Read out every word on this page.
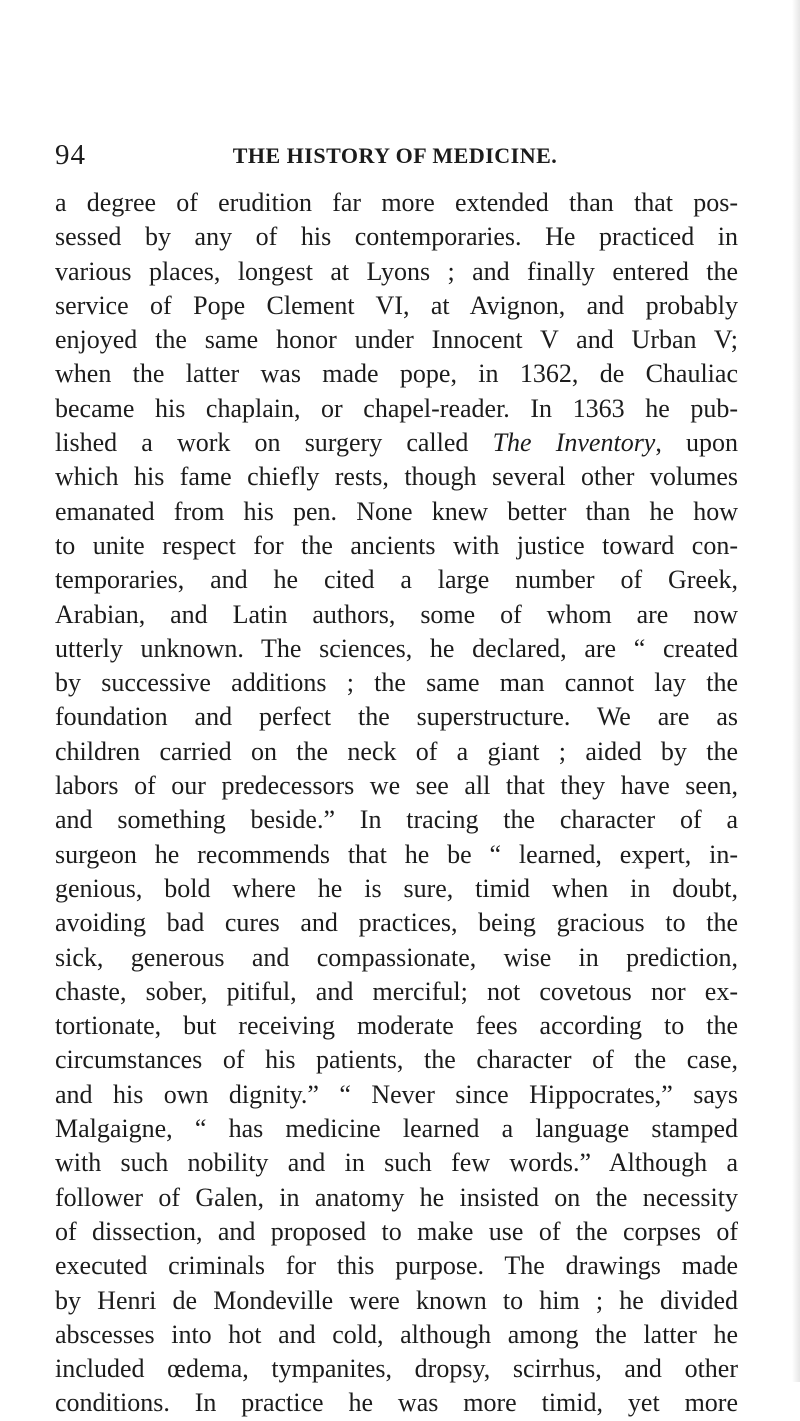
94	THE HISTORY OF MEDICINE.
a degree of erudition far more extended than that pos-
sessed by any of his contemporaries. He practiced in
various places, longest at Lyons ; and finally entered the
service of Pope Clement VI, at Avignon, and probably
enjoyed the same honor under Innocent V and Urban V;
when the latter was made pope, in 1362, de Chauliac
became his chaplain, or chapel-reader. In 1363 he pub-
lished a work on surgery called The Inventory, upon
which his fame chiefly rests, though several other volumes
emanated from his pen. None knew better than he how
to unite respect for the ancients with justice toward con-
temporaries, and he cited a large number of Greek,
Arabian, and Latin authors, some of whom are now
utterly unknown. The sciences, he declared, are “ created
by successive additions ; the same man cannot lay the
foundation and perfect the superstructure. We are as
children carried on the neck of a giant ; aided by the
labors of our predecessors we see all that they have seen,
and something beside.” In tracing the character of a
surgeon he recommends that he be “ learned, expert, in-
genious, bold where he is sure, timid when in doubt,
avoiding bad cures and practices, being gracious to the
sick, generous and compassionate, wise in prediction,
chaste, sober, pitiful, and merciful; not covetous nor ex-
tortionate, but receiving moderate fees according to the
circumstances of his patients, the character of the case,
and his own dignity.” “ Never since Hippocrates,” says
Malgaigne, “ has medicine learned a language stamped
with such nobility and in such few words.” Although a
follower of Galen, in anatomy he insisted on the necessity
of dissection, and proposed to make use of the corpses of
executed criminals for this purpose. The drawings made
by Henri de Mondeville were known to him ; he divided
abscesses into hot and cold, although among the latter he
included œdema, tympanites, dropsy, scirrhus, and other
conditions. In practice he was more timid, yet more
